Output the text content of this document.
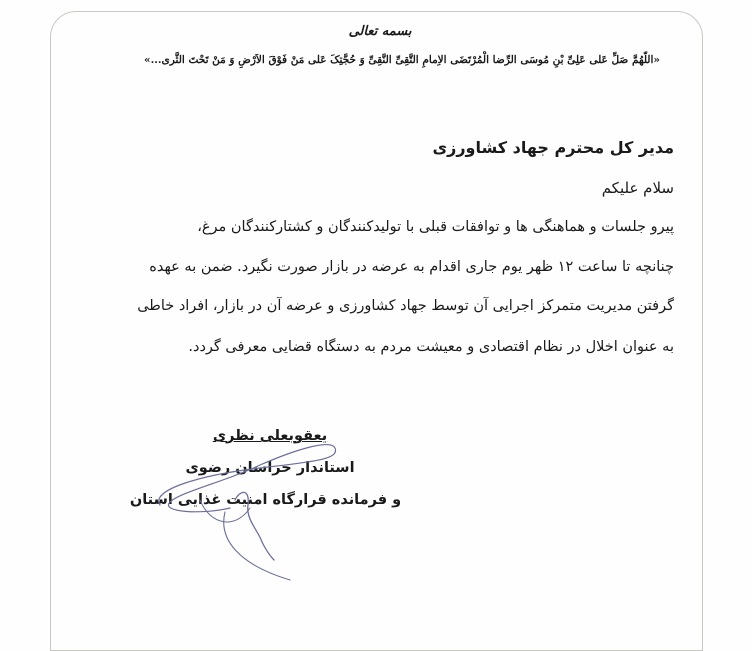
بسمه تعالی
«اللّهُمَّ صَلِّ عَلی عَلِیِّ بْنِ مُوسَی الرِّضا الْمُرْتَضَی الاِمامِ التَّقِیِّ النَّقِیِّ وَ حُجَّتِکَ عَلی مَنْ فَوْقَ الاَرْضِ وَ مَنْ تَحْتَ الثَّری...»
مدیر کل محترم جهاد کشاورزی
سلام علیکم
پیرو جلسات و هماهنگی ها و توافقات قبلی با تولیدکنندگان و کشتارکنندگان مرغ،
چنانچه تا ساعت ۱۲ ظهر یوم جاری اقدام به عرضه در بازار صورت نگیرد. ضمن به عهده
گرفتن مدیریت متمرکز اجرایی آن توسط جهاد کشاورزی و عرضه آن در بازار، افراد خاطی
به عنوان اخلال در نظام اقتصادی و معیشت مردم به دستگاه قضایی معرفی گردد.
یعقوبعلی نظری
استاندار خراسان رضوی
و فرمانده قرارگاه امنیت غذایی استان
